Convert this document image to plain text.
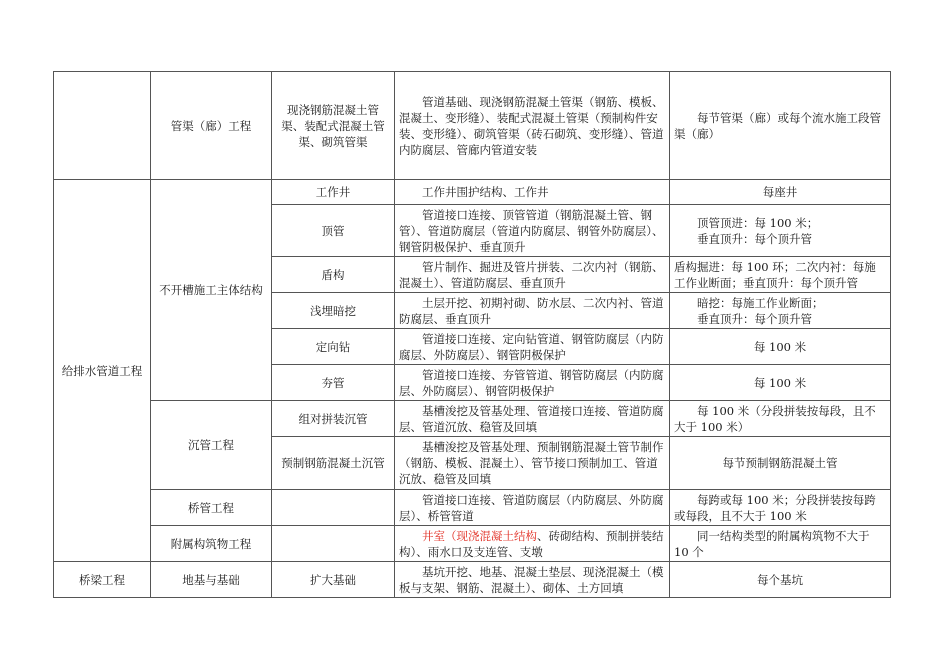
	管渠（廊）工程	现浇钢筋混凝土管渠、装配式混凝土管渠、砌筑管渠	管道基础、现浇钢筋混凝土管渠（钢筋、模板、混凝土、变形缝）、装配式混凝土管渠（预制构件安装、变形缝）、砌筑管渠（砖石砌筑、变形缝）、管道内防腐层、管廊内管道安装	每节管渠（廊）或每个流水施工段管渠（廊）

给排水管道工程	不开槽施工主体结构	工作井	工作井围护结构、工作井	每座井
		顶管	管道接口连接、顶管管道（钢筋混凝土管、钢管）、管道防腐层（管道内防腐层、钢管外防腐层）、钢管阴极保护、垂直顶升	顶管顶进：每 100 米；
垂直顶升：每个顶升管

		盾构	管片制作、掘进及管片拼装、二次内衬（钢筋、混凝土）、管道防腐层、垂直顶升	盾构掘进：每 100 环；二次内衬：每施工作业断面；垂直顶升：每个顶升管
		浅埋暗挖	土层开挖、初期衬砌、防水层、二次内衬、管道防腐层、垂直顶升	暗挖：每施工作业断面；
垂直顶升：每个顶升管

		定向钻	管道接口连接、定向钻管道、钢管防腐层（内防腐层、外防腐层）、钢管阴极保护	每 100 米
		夯管	管道接口连接、夯管管道、钢管防腐层（内防腐层、外防腐层）、钢管阴极保护	每 100 米
	沉管工程	组对拼装沉管	基槽浚挖及管基处理、管道接口连接、管道防腐层、管道沉放、稳管及回填	每 100 米（分段拼装按每段，且不大于 100 米）

		预制钢筋混凝土沉管	基槽浚挖及管基处理、预制钢筋混凝土管节制作（钢筋、模板、混凝土）、管节接口预制加工、管道沉放、稳管及回填	每节预制钢筋混凝土管
	桥管工程		管道接口连接、管道防腐层（内防腐层、外防腐层）、桥管管道	每跨或每 100 米；分段拼装按每跨或每段，且不大于 100 米

	附属构筑物工程		井室（现浇混凝土结构、砖砌结构、预制拼装结构）、雨水口及支连管、支墩	同一结构类型的附属构筑物不大于 10 个

桥梁工程	地基与基础	扩大基础	基坑开挖、地基、混凝土垫层、现浇混凝土（模板与支架、钢筋、混凝土）、砌体、土方回填	每个基坑
